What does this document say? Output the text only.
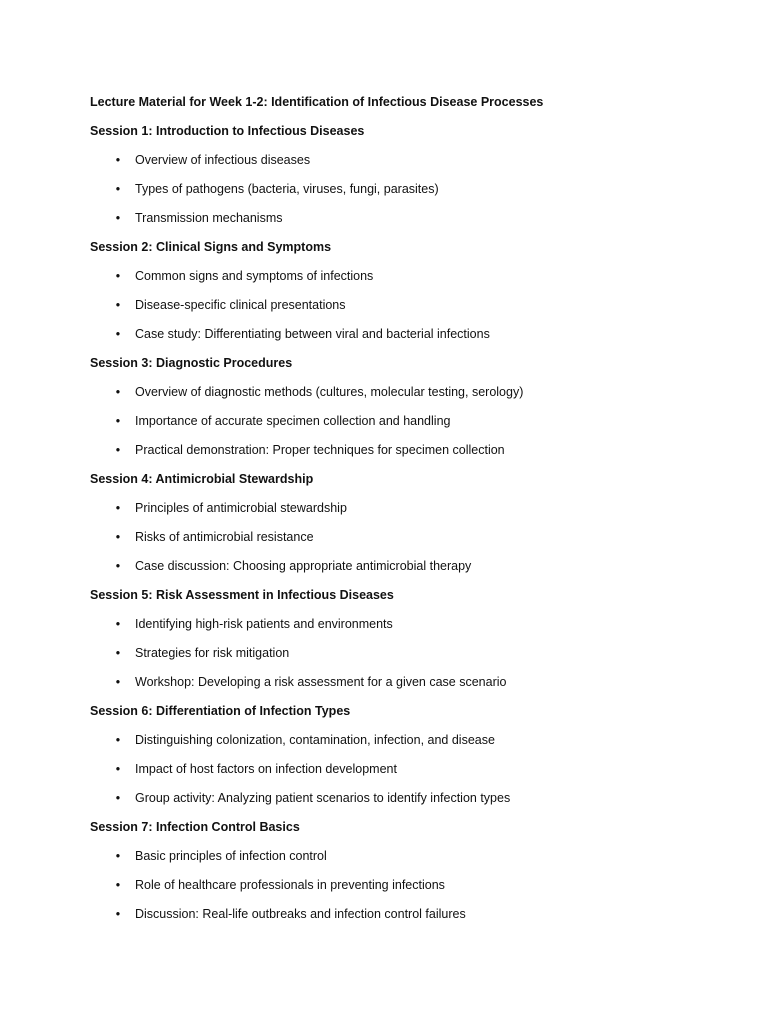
Lecture Material for Week 1-2: Identification of Infectious Disease Processes
Session 1: Introduction to Infectious Diseases
• Overview of infectious diseases
• Types of pathogens (bacteria, viruses, fungi, parasites)
• Transmission mechanisms
Session 2: Clinical Signs and Symptoms
• Common signs and symptoms of infections
• Disease-specific clinical presentations
• Case study: Differentiating between viral and bacterial infections
Session 3: Diagnostic Procedures
• Overview of diagnostic methods (cultures, molecular testing, serology)
• Importance of accurate specimen collection and handling
• Practical demonstration: Proper techniques for specimen collection
Session 4: Antimicrobial Stewardship
• Principles of antimicrobial stewardship
• Risks of antimicrobial resistance
• Case discussion: Choosing appropriate antimicrobial therapy
Session 5: Risk Assessment in Infectious Diseases
• Identifying high-risk patients and environments
• Strategies for risk mitigation
• Workshop: Developing a risk assessment for a given case scenario
Session 6: Differentiation of Infection Types
• Distinguishing colonization, contamination, infection, and disease
• Impact of host factors on infection development
• Group activity: Analyzing patient scenarios to identify infection types
Session 7: Infection Control Basics
• Basic principles of infection control
• Role of healthcare professionals in preventing infections
• Discussion: Real-life outbreaks and infection control failures
